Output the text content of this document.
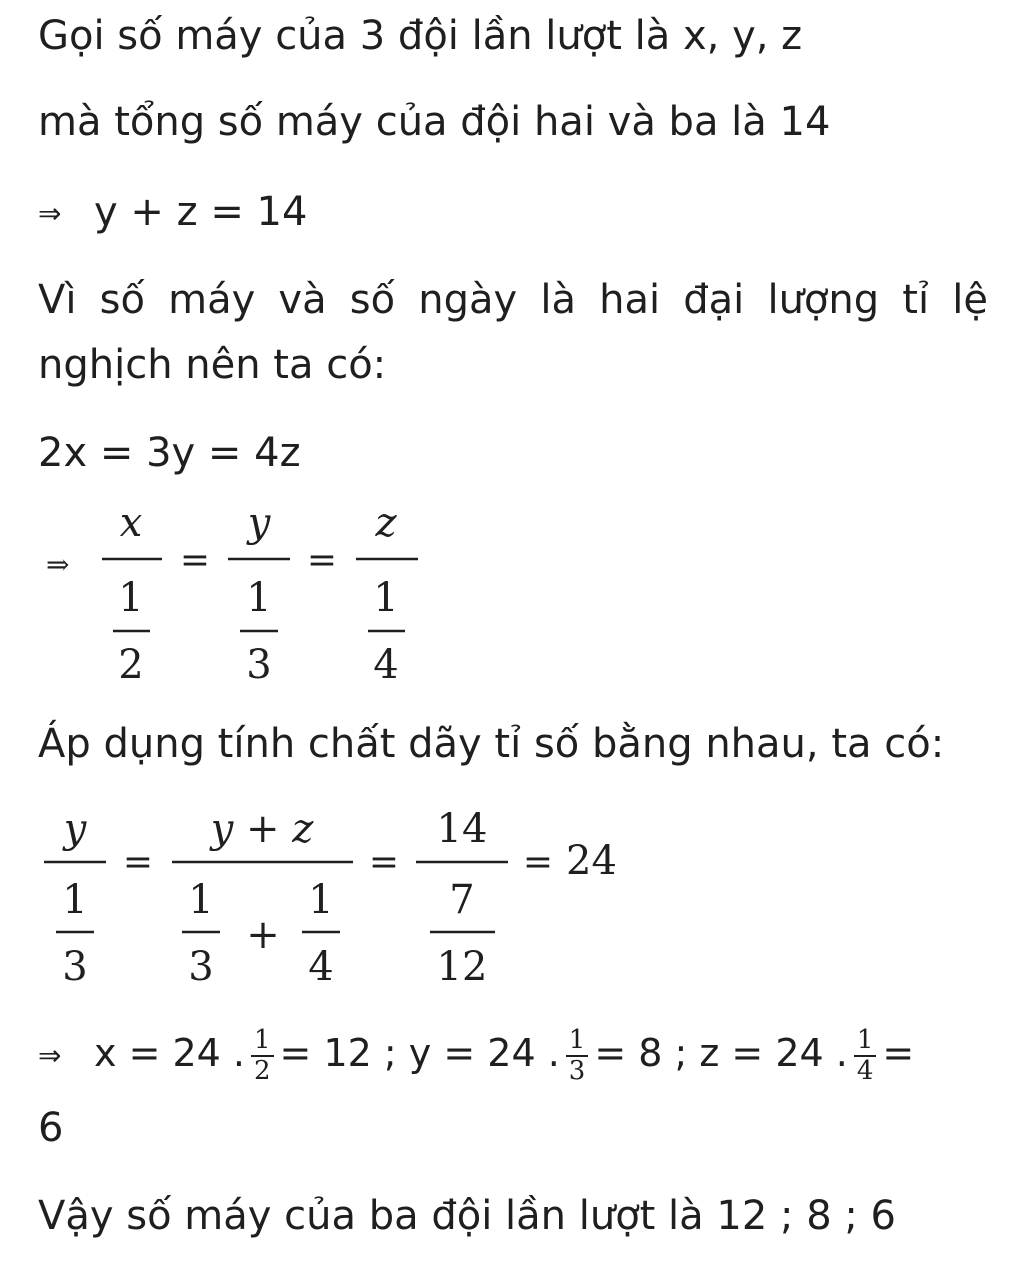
Gọi số máy của 3 đội lần lượt là x, y, z
mà tổng số máy của đội hai và ba là 14
⇒ y + z = 14
Vì số máy và số ngày là hai đại lượng tỉ lệ
nghịch nên ta có:
2x = 3y = 4z
⇒
x
1
2
=
y
1
3
=
z
1
4
Áp dụng tính chất dãy tỉ số bằng nhau, ta có:
y
1
3
=
y + z
1
3
+
1
4
=
14
7
12
= 24
⇒ x = 24 . $\frac{1}{2} = 12$ ; y = 24 . $\frac{1}{3} = 8$ ; z = 24 . $\frac{1}{4}$ =
6
Vậy số máy của ba đội lần lượt là 12 ; 8 ; 6
